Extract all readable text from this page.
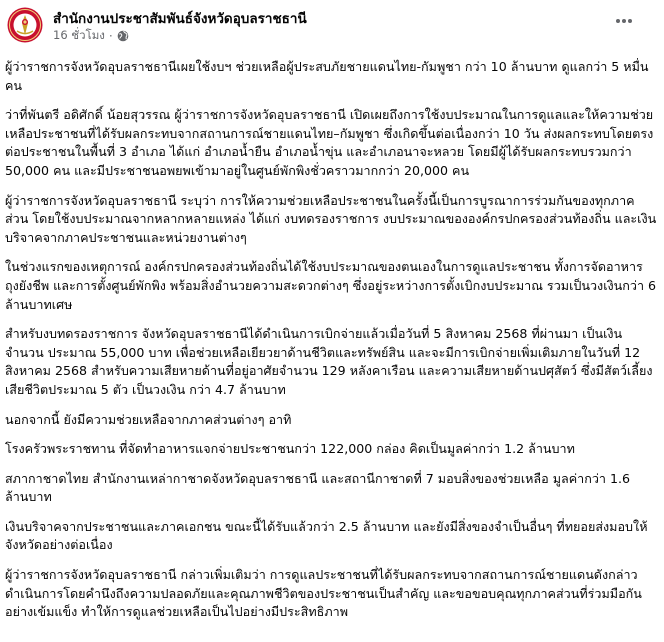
สำนักงานประชาสัมพันธ์จังหวัดอุบลราชธานี
16 ชั่วโมง ·

ผู้ว่าราชการจังหวัดอุบลราชธานีเผยใช้งบฯ ช่วยเหลือผู้ประสบภัยชายแดนไทย-กัมพูชา กว่า 10 ล้านบาท ดูแลกว่า 5 หมื่นคน

ว่าที่พันตรี อดิศักดิ์ น้อยสุวรรณ ผู้ว่าราชการจังหวัดอุบลราชธานี เปิดเผยถึงการใช้งบประมาณในการดูแลและให้ความช่วยเหลือประชาชนที่ได้รับผลกระทบจากสถานการณ์ชายแดนไทย–กัมพูชา ซึ่งเกิดขึ้นต่อเนื่องกว่า 10 วัน ส่งผลกระทบโดยตรงต่อประชาชนในพื้นที่ 3 อำเภอ ได้แก่ อำเภอน้ำยืน อำเภอน้ำขุ่น และอำเภอนาจะหลวย โดยมีผู้ได้รับผลกระทบรวมกว่า 50,000 คน และมีประชาชนอพยพเข้ามาอยู่ในศูนย์พักพิงชั่วคราวมากกว่า 20,000 คน

ผู้ว่าราชการจังหวัดอุบลราชธานี ระบุว่า การให้ความช่วยเหลือประชาชนในครั้งนี้เป็นการบูรณาการร่วมกันของทุกภาคส่วน โดยใช้งบประมาณจากหลากหลายแหล่ง ได้แก่ งบทดรองราชการ งบประมาณขององค์กรปกครองส่วนท้องถิ่น และเงินบริจาคจากภาคประชาชนและหน่วยงานต่างๆ

ในช่วงแรกของเหตุการณ์ องค์กรปกครองส่วนท้องถิ่นได้ใช้งบประมาณของตนเองในการดูแลประชาชน ทั้งการจัดอาหาร ถุงยังชีพ และการตั้งศูนย์พักพิง พร้อมสิ่งอำนวยความสะดวกต่างๆ ซึ่งอยู่ระหว่างการตั้งเบิกงบประมาณ รวมเป็นวงเงินกว่า 6 ล้านบาทเศษ

สำหรับงบทดรองราชการ จังหวัดอุบลราชธานีได้ดำเนินการเบิกจ่ายแล้วเมื่อวันที่ 5 สิงหาคม 2568 ที่ผ่านมา เป็นเงินจำนวน ประมาณ 55,000 บาท เพื่อช่วยเหลือเยียวยาด้านชีวิตและทรัพย์สิน และจะมีการเบิกจ่ายเพิ่มเติมภายในวันที่ 12 สิงหาคม 2568 สำหรับความเสียหายด้านที่อยู่อาศัยจำนวน 129 หลังคาเรือน และความเสียหายด้านปศุสัตว์ ซึ่งมีสัตว์เลี้ยงเสียชีวิตประมาณ 5 ตัว เป็นวงเงิน กว่า 4.7 ล้านบาท

นอกจากนี้ ยังมีความช่วยเหลือจากภาคส่วนต่างๆ อาทิ

โรงครัวพระราชทาน ที่จัดทำอาหารแจกจ่ายประชาชนกว่า 122,000 กล่อง คิดเป็นมูลค่ากว่า 1.2 ล้านบาท

สภากาชาดไทย สำนักงานเหล่ากาชาดจังหวัดอุบลราชธานี และสถานีกาชาดที่ 7 มอบสิ่งของช่วยเหลือ มูลค่ากว่า 1.6 ล้านบาท

เงินบริจาคจากประชาชนและภาคเอกชน ขณะนี้ได้รับแล้วกว่า 2.5 ล้านบาท และยังมีสิ่งของจำเป็นอื่นๆ ที่ทยอยส่งมอบให้จังหวัดอย่างต่อเนื่อง

ผู้ว่าราชการจังหวัดอุบลราชธานี กล่าวเพิ่มเติมว่า การดูแลประชาชนที่ได้รับผลกระทบจากสถานการณ์ชายแดนดังกล่าว ดำเนินการโดยคำนึงถึงความปลอดภัยและคุณภาพชีวิตของประชาชนเป็นสำคัญ และขอขอบคุณทุกภาคส่วนที่ร่วมมือกันอย่างเข้มแข็ง ทำให้การดูแลช่วยเหลือเป็นไปอย่างมีประสิทธิภาพ
